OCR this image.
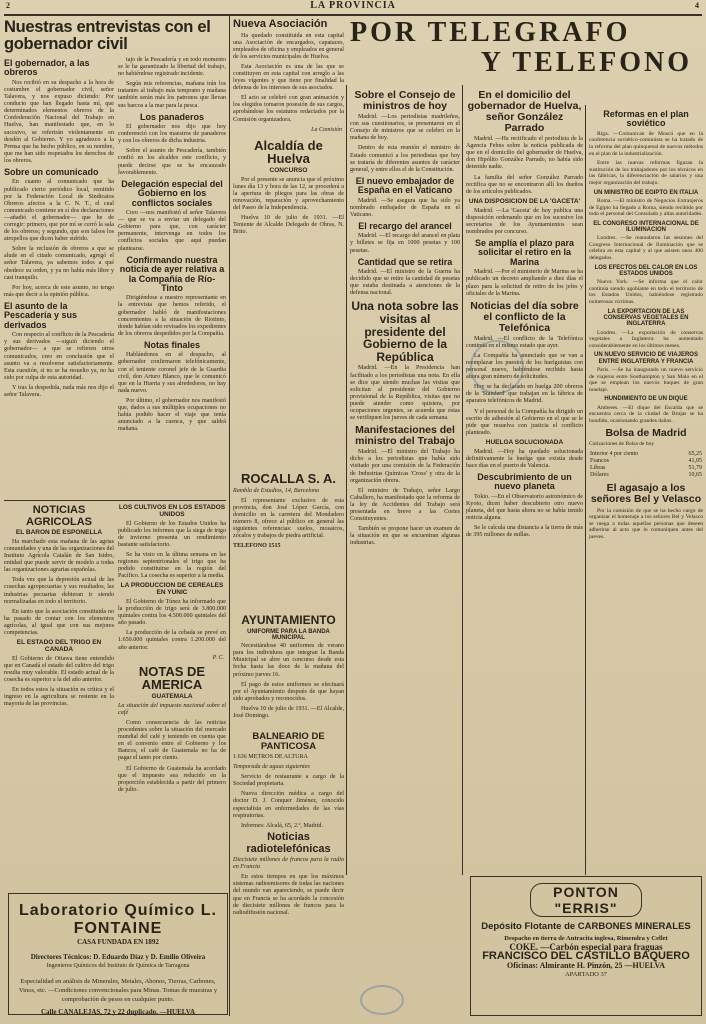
2	LA PROVINCIA	4
Nuestras entrevistas con el gobernador civil
El gobernador, a las obreros

Nos recibió en su despacho a la hora de costumbre el gobernador civil, señor Talavera, y nos expuso diciendo: Por conducto que han llegado hasta mí, que determinados elementos obreros de la Confederación Nacional del Trabajo en Huelva, han manifestado que, en lo sucesivo, se referirán violentamente en desdén al Gobierno. Y yo agradezco a la Prensa que ha hecho público, en su nombre, que me han sido respetados los derechos de los obreros.

Sobre un comunicado

En cuanto al comunicado que ha publicado cierto periódico local, remitido por la Federación Local de Sindicatos Obreros afectos a la C. N. T., el cual comunicado contiene en sí dos declaraciones —añadió el gobernador— que he de corregir: primero, que por mí se cerró la sala de los obreros; y segundo, que son falsos los atropellos que dicen haber sufrido.

Sobre la reclusión de obreros a que se alude en el citado comunicado, agregó el señor Talavera, ya sabemos todos a qué obedece su orden, y ya no había más libre y casi tranquilo.

Por hoy, acerca de este asunto, no tengo más que decir a la opinión pública.

El asunto de la Pescadería y sus derivados

Con respecto al conflicto de la Pescadería y sus derivados —siguió diciendo el gobernador— a que se refieren otros comunicados, creo en conclusión que el asunto va a resolverse satisfactoriamente. Esta cuestión, si no se ha resuelto ya, no ha sido por culpa de esta autoridad.

Y tras la despedida, nada más nos dijo el señor Talavera.

tajo de la Pescadería y en todo momento se le ha garantizado la libertad del trabajo, no habiéndose registrado incidente.

Según mis referencias, mañana irán los tratantes al trabajo más temprano y mañana también serán más los patronos que llevan sus barcos a la mar para la pesca.

Los panaderos

El gobernador nos dijo que hoy conferenció con los maestros de panaderos y con los obreros de dicha industria.

Sobre el asunto de Pescadería, también confió en los alcaldes este conflicto, y puede decirse que se ha encauzado favorablemente.

Delegación especial del Gobierno en los conflictos sociales

Creo —nos manifestó el señor Talavera— que se va a enviar un delegado del Gobierno para que, con carácter permanente, intervenga en todos los conflictos sociales que aquí puedan plantearse.

Confirmando nuestra noticia de ayer relativa a la Compañía de Río-Tinto

Dirigiéndose a nuestro representante en la entrevista que hemos referido, el gobernador habló de manifestaciones concernientes a la situación de Riotinto, donde habían sido revisados los expedientes de los obreros despedidos por la Compañía.

Notas finales

Hablándonos en el despacho, al gobernador confirmaron telefónicamente, con el teniente coronel jefe de la Guardia civil, don Arturo Blanco, que le comunicó que en la Huerta y sus alrededores, no hay nada nuevo.

Por último, el gobernador nos manifestó que, dados a sus múltiples ocupaciones no había podido hacer el viaje que tenía anunciado a la cuenca, y que saldrá mañana.

NOTICIAS AGRICOLAS
EL BARON DE ESPONELLA

Ha marchado esta mañana de las agrias comunidades y una de las organizaciones del Instituto Agrícola Catalán de San Isidro, entidad que puede servir de modelo a todas las organizaciones agrarias españolas.

Toda vez que la depresión actual de las cosechas agropecuarias y sus resultados, las industrias pecuarias debieran ir siendo normalizadas en todo el territorio.

En tanto que la asociación constituida no ha pasado de contar con los elementos agrícolas, al igual que con sus mejores competencias.

EL ESTADO DEL TRIGO EN CANADA

El Gobierno de Ottawa tiene entendido que en Canadá el estado del cultivo del trigo resulta muy valorable. El estado actual de la cosecha es superior a la del año anterior.

En todos estos la situación es crítica y el ingreso en la agricultura se resiente en la mayoría de las provincias.

LOS CULTIVOS EN LOS ESTADOS UNIDOS

El Gobierno de los Estados Unidos ha publicado los informes que la siega de trigo de invierno presenta un rendimiento bastante satisfactorio.

Se ha visto en la última semana en las regiones septentrionales el trigo que ha podido constituirse en la región del Pacífico. La cosecha es superior a la media.

LA PRODUCCION DE CEREALES EN YUNIC

El Gobierno de Túnez ha informado que la producción de trigo será de 3.800.000 quintales contra los 4.500.000 quintales del año pasado.

La producción de la cebada se prevé en 1.650.000 quintales contra 1.200.000 del año anterior.

P. C.
NOTAS DE AMERICA
GUATEMALA
La situación del impuesto nacional sobre el café

Como consecuencia de las noticias procedentes sobre la situación del mercado mundial del café y teniendo en cuenta que en el convenio entre el Gobierno y los Bancos, el café de Guatemala no ha de pagar el tanto por ciento.

El Gobierno de Guatemala ha acordado que el impuesto sea reducido en la proporción establecida a partir del primero de julio.

Nueva Asociación

Ha quedado constituida en esta capital una Asociación de encargados, capataces, empleados de oficina y empleados en general de los servicios municipales de Huelva.

Esta Asociación es una de las que se constituyen en esta capital con arreglo a las leyes vigentes y que tiene por finalidad la defensa de los intereses de sus asociados.

El acto se celebró con gran animación y los elegidos tomaron posesión de sus cargos, aprobándose los estatutos redactados por la Comisión organizadora.

La Comisión
Alcaldía de Huelva
CONCURSO

Por el presente se anuncia que el próximo lunes día 13 y hora de las 12, se procederá a la apertura de pliegos para las obras de renovación, reparación y aprovechamiento del Paseo de la Independencia.

Huelva 10 de julio de 1931. —El Teniente de Alcalde Delegado de Obras, N. Brito.

ROCALLA S. A.
Rambla de Estudios, 14, Barcelona

El representante exclusivo de esta provincia, don José López García, con domicilio en la carretera del Mondadero número 8, ofrece al público en general las siguientes referencias: suelos, mosaicos, zócalos y trabajos de piedra artificial.

TELEFONO 1515
AYUNTAMIENTO
UNIFORME PARA LA BANDA MUNICIPAL

Necesitándose 40 uniformes de verano para los individuos que integran la Banda Municipal se abre un concurso desde esta fecha hasta las doce de la mañana del próximo jueves 16.

El pago de estos uniformes se efectuará por el Ayuntamiento después de que hayan sido aprobados y reconocidos.

Huelva 10 de julio de 1931. —El Alcalde, José Domingo.

BALNEARIO DE PANTICOSA
1.636 METROS DE ALTURA
Temporada de aguas siguientes

Servicio de restaurante a cargo de la Sociedad propietaria.

Nueva dirección médica a cargo del doctor D. J. Conquer Jiménez, conocido especialista en enfermedades de las vías respiratorias.

Informes: Alcalá, 65, 2.º, Madrid.

POR TELEGRAFO
Y TELEFONO
Sobre el Consejo de ministros de hoy

Madrid. —Los periodistas madrileños, con sus cuestionarios, se presentaron en el Consejo de ministros que se celebró en la mañana de hoy.

Dentro de esta reunión el ministro de Estado comunicó a los periodistas que hoy se trataría de diferentes asuntos de carácter general, y entre ellos el de la Constitución.

El nuevo embajador de España en el Vaticano

Madrid. —Se asegura que ha sido ya nombrado embajador de España en el Vaticano.

El recargo del arancel

Madrid. —El recargo del arancel en plata y billetes se fija en 1000 pesetas y 100 pesetas.

Cantidad que se retira

Madrid. —El ministro de la Guerra ha decidido que se retire la cantidad de pesetas que estaba destinada a atenciones de la defensa nacional.

Una nota sobre las visitas al presidente del Gobierno de la República

Madrid. —En la Presidencia han facilitado a los periodistas una nota. En ella se dice que siendo muchas las visitas que solicitan al presidente del Gobierno provisional de la República, visitas que no puede atender como quisiera, por ocupaciones urgentes, se acuerda que éstas se verifiquen los jueves de cada semana.

Manifestaciones del ministro del Trabajo

Madrid. —El ministro del Trabajo ha dicho a los periodistas que había sido visitado por una comisión de la Federación de Industrias Químicas 'Cross' y otra de la organización obrera.

El ministro de Trabajo, señor Largo Caballero, ha manifestado que la reforma de la ley de Accidentes del Trabajo será presentada en breve a las Cortes Constituyentes.

También se propone hacer un examen de la situación en que se encuentran algunas industrias.

En el domicilio del gobernador de Huelva, señor González Parrado

Madrid. —Ha rectificado el periodista de la Agencia Febus sobre la noticia publicada de que en el domicilio del gobernador de Huelva, don Hipólito González Parrado, no había sido detenido nadie.

La familia del señor González Parrado rectifica que no se encontraron allí los dueños de los artículos publicados.

UNA DISPOSICION DE LA 'GACETA'

Madrid. —La 'Gaceta' de hoy publica una disposición ordenando que en los sucesivo los secretarios de los Ayuntamientos sean nombrados por concurso.

Se amplía el plazo para solicitar el retiro en la Marina

Madrid. —Por el ministerio de Marina se ha publicado un decreto ampliando a diez días el plazo para la solicitud de retiro de los jefes y oficiales de la Marina.

Noticias del día sobre el conflicto de la Telefónica

Madrid. —El conflicto de la Telefónica continúa en el mismo estado que ayer.

La Compañía ha anunciado que se van a reemplazar los puestos de los huelguistas con personal nuevo, habiéndose recibido hasta ahora gran número de solicitudes.

Hoy se ha declarado en huelga 200 obreros de la 'Standard' que trabajan en la fábrica de aparatos telefónicos de Madrid.

Y el personal de la Compañía ha dirigido un escrito de adhesión al Gobierno en el que se le pide que resuelva con justicia el conflicto planteado.

HUELGA SOLUCIONADA

Madrid. —Hoy ha quedado solucionada definitivamente la huelga que existía desde hace días en el puerto de Valencia.

Descubrimiento de un nuevo planeta

Tokio. —En el Observatorio astronómico de Kyoto, dicen haber descubierto otro nuevo planeta, del que hasta ahora no se había tenido noticia alguna.

Se le calcula una distancia a la tierra de más de 395 millones de millas.

Reformas en el plan soviético

Riga. —Comunican de Moscú que en la conferencia soviético-comunista se ha tratado de la reforma del plan quinquenal de nuevos métodos en el plan de la industrialización.

Entre las nuevas reformas figuran la sustitución de los trabajadores por los técnicos en las fábricas, la diferenciación de salarios y una mejor organización del trabajo.

UN MINISTRO DE EGIPTO EN ITALIA

Roma. —El ministro de Negocios Extranjeros de Egipto ha llegado a Roma, siendo recibido por todo el personal del Consulado y altas autoridades.

EL CONGRESO INTERNACIONAL DE ILUMINACION

Londres. —Se reanudaron las sesiones del Congreso Internacional de Iluminación que se celebra en esta capital y al que asisten unos 400 delegados.

LOS EFECTOS DEL CALOR EN LOS ESTADOS UNIDOS

Nueva York. —Se informa que el calor continúa siendo agobiante en todo el territorio de los Estados Unidos, habiéndose registrado numerosas víctimas.

LA EXPORTACION DE LAS CONSERVAS VEGETALES EN INGLATERRA

Londres. —La exportación de conservas vegetales a Inglaterra ha aumentado considerablemente en los últimos meses.

UN NUEVO SERVICIO DE VIAJEROS ENTRE INGLATERRA Y FRANCIA

París. —Se ha inaugurado un nuevo servicio de viajeros entre Southampton y San Malo en el que se emplean los nuevos buques de gran tonelaje.

HUNDIMIENTO DE UN DIQUE

Amberes. —El dique del Escalda que se encuentra cerca de la ciudad de Brujas se ha hundido, ocasionando grandes daños.

Bolsa de Madrid
Cotizaciones de Bolsa de hoy
Interior 4 por ciento	65,25
Francos	41,05
Libras	51,79
Dólares	10,65
El agasajo a los señores Bel y Velasco

Por la comisión de que se ha hecho cargo de organizar el homenaje a los señores Bel y Velasco se ruega a todas aquellas personas que deseen adherirse al acto que lo comuniquen antes del jueves.

Laboratorio Químico L. FONTAINE
CASA FUNDADA EN 1892
Directores Técnicos: D. Eduardo Díaz y D. Emilio Oliveira
Ingenieros Químicos del Instituto de Química de Tarragona
Especialidad en análisis de Minerales, Metales, Abonos, Tierras, Carbones, Vinos, etc. —Condiciones convencionales para Minas. Tomas de muestras y comprobación de pesos en cualquier punto.
Calle CANALEJAS, 72 y 22 duplicado. —HUELVA
Noticias radiotelefónicas
Diecisiete millones de francos para la radio en Francia

En estos tiempos en que los máximos sistemas radioemisores de todas las naciones del mundo van apareciendo, se puede decir que en Francia se ha acordado la concesión de diecisiete millones de francos para la radiodifusión nacional.

PONTON "ERRIS"
Depósito Flotante de CARBONES MINERALES
Despacho en tierra de Antracita inglesa, Rimendra y Cellet
COKE. —Carbón especial para fraguas
FRANCISCO DEL CASTILLO BAQUERO
Oficinas: Almirante H. Pinzón, 25 —HUELVA
APARTADO 37
